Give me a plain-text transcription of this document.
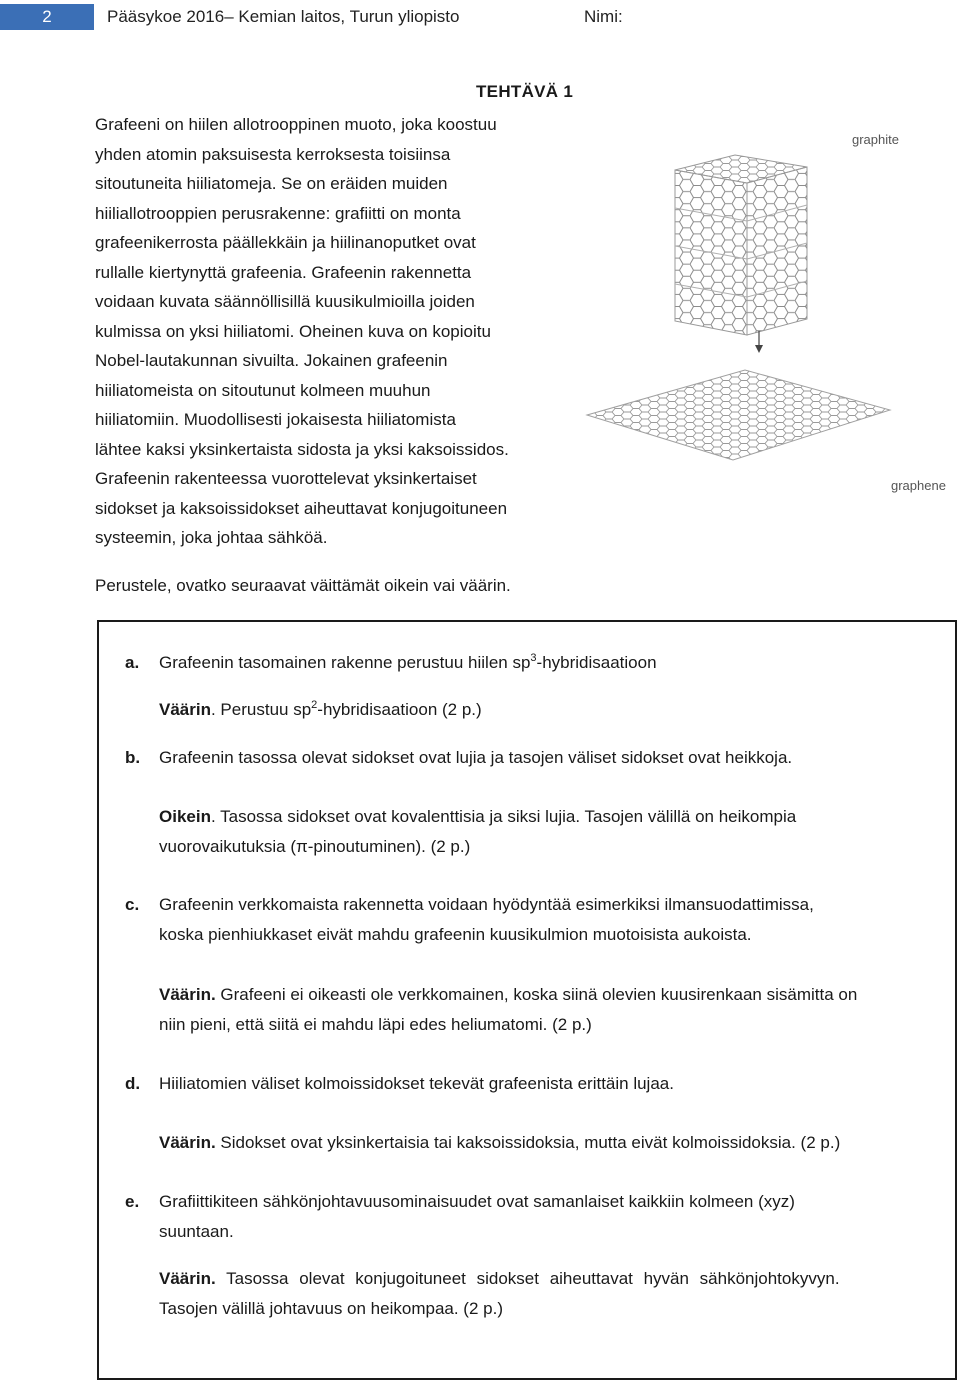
2	Pääsykoe 2016– Kemian laitos, Turun yliopisto	Nimi:
TEHTÄVÄ 1

Grafeeni on hiilen allotrooppinen muoto, joka koostuu

yhden atomin paksuisesta kerroksesta toisiinsa

sitoutuneita hiiliatomeja. Se on eräiden muiden

hiiliallotrooppien perusrakenne: grafiitti on monta

grafeenikerrosta päällekkäin ja hiilinanoputket ovat

rullalle kiertynyttä grafeenia. Grafeenin rakennetta

voidaan kuvata säännöllisillä kuusikulmioilla joiden

kulmissa on yksi hiiliatomi. Oheinen kuva on kopioitu

Nobel-lautakunnan sivuilta. Jokainen grafeenin

hiiliatomeista on sitoutunut kolmeen muuhun

hiiliatomiin. Muodollisesti jokaisesta hiiliatomista

lähtee kaksi yksinkertaista sidosta ja yksi kaksoissidos.

Grafeenin rakenteessa vuorottelevat yksinkertaiset

sidokset ja kaksoissidokset aiheuttavat konjugoituneen

systeemin, joka johtaa sähköä.

graphite
graphene
Perustele, ovatko seuraavat väittämät oikein vai väärin.
a. Grafeenin tasomainen rakenne perustuu hiilen $sp^3$-hybridisaatioon
Väärin. Perustuu $sp^2$-hybridisaatioon (2 p.)
b. Grafeenin tasossa olevat sidokset ovat lujia ja tasojen väliset sidokset ovat heikkoja.
Oikein. Tasossa sidokset ovat kovalenttisia ja siksi lujia. Tasojen välillä on heikompia
vuorovaikutuksia (π-pinoutuminen). (2 p.)
c. Grafeenin verkkomaista rakennetta voidaan hyödyntää esimerkiksi ilmansuodattimissa,
koska pienhiukkaset eivät mahdu grafeenin kuusikulmion muotoisista aukoista.
Väärin. Grafeeni ei oikeasti ole verkkomainen, koska siinä olevien kuusirenkaan sisämitta on
niin pieni, että siitä ei mahdu läpi edes heliumatomi. (2 p.)
d. Hiiliatomien väliset kolmoissidokset tekevät grafeenista erittäin lujaa.
Väärin. Sidokset ovat yksinkertaisia tai kaksoissidoksia, mutta eivät kolmoissidoksia. (2 p.)
e. Grafiittikiteen sähkönjohtavuusominaisuudet ovat samanlaiset kaikkiin kolmeen (xyz)
suuntaan.
Väärin. Tasossa olevat konjugoituneet sidokset aiheuttavat hyvän sähkönjohtokyvyn.
Tasojen välillä johtavuus on heikompaa. (2 p.)
